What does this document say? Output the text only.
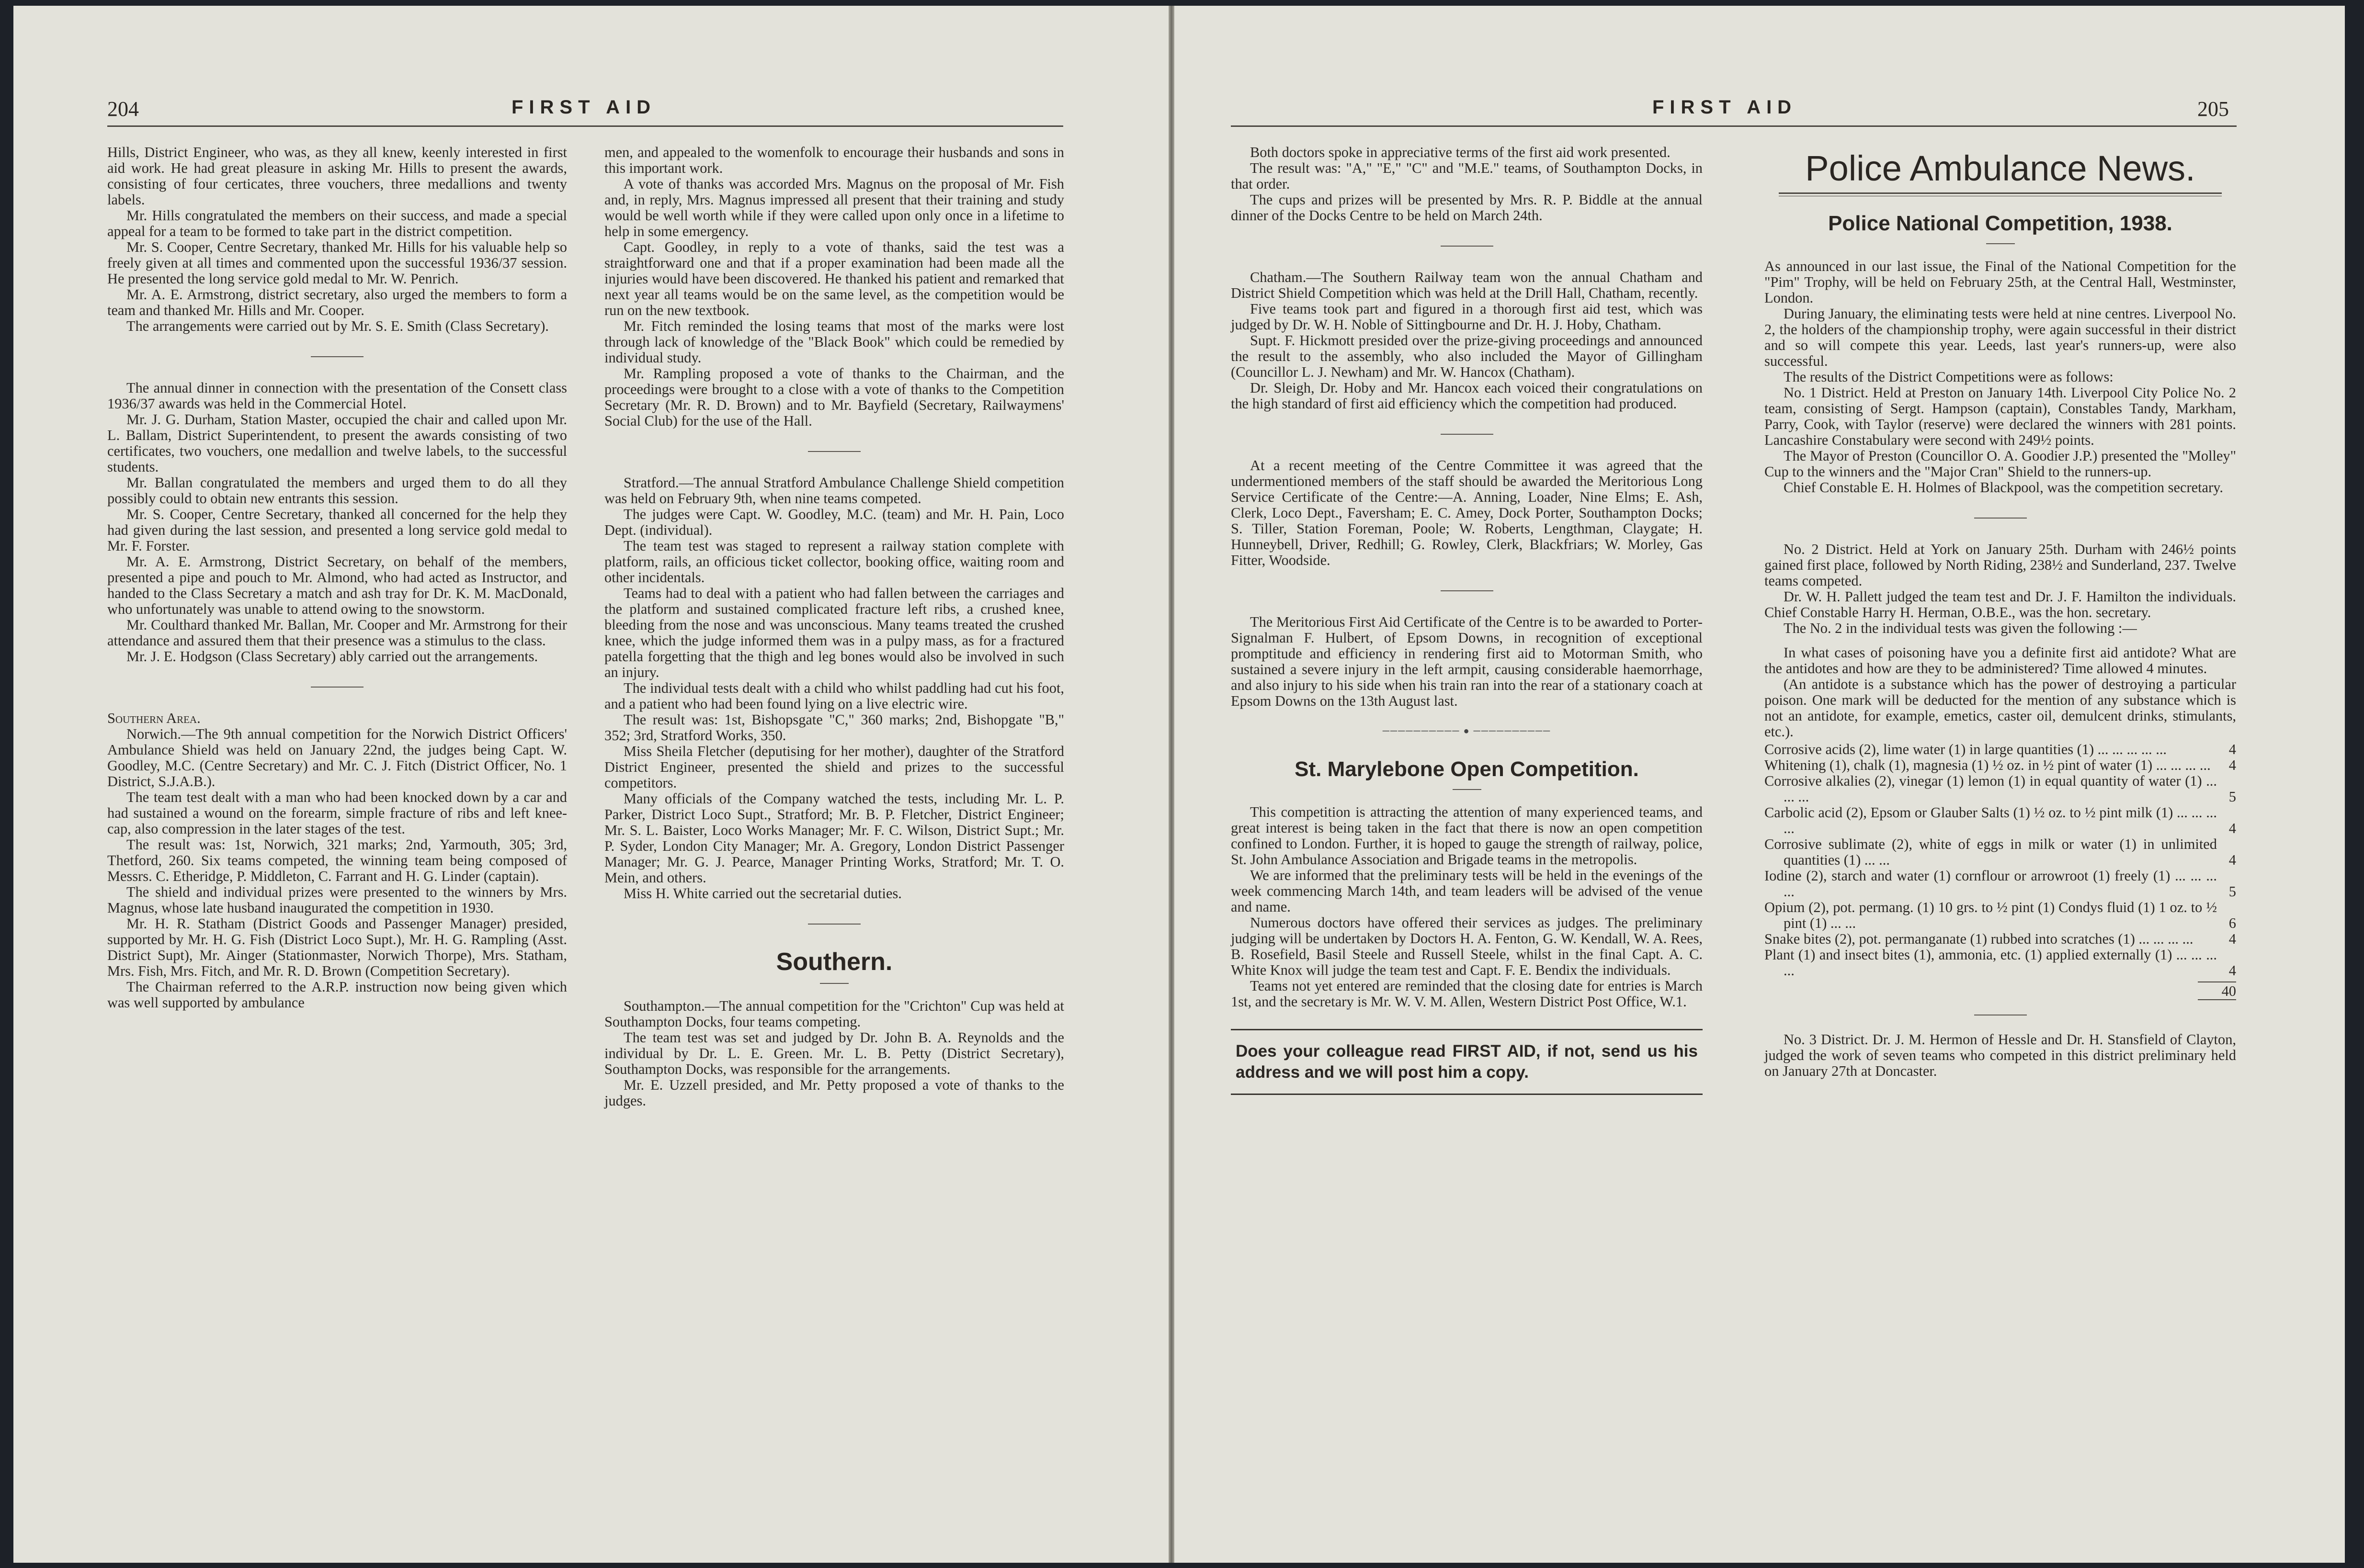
204	FIRST AID

Hills, District Engineer, who was, as they all knew, keenly interested in first aid work. He had great pleasure in asking Mr. Hills to present the awards, consisting of four certicates, three vouchers, three medallions and twenty labels.

Mr. Hills congratulated the members on their success, and made a special appeal for a team to be formed to take part in the district competition.

Mr. S. Cooper, Centre Secretary, thanked Mr. Hills for his valuable help so freely given at all times and commented upon the successful 1936/37 session. He presented the long service gold medal to Mr. W. Penrich.

Mr. A. E. Armstrong, district secretary, also urged the members to form a team and thanked Mr. Hills and Mr. Cooper.

The arrangements were carried out by Mr. S. E. Smith (Class Secretary).

The annual dinner in connection with the presentation of the Consett class 1936/37 awards was held in the Commercial Hotel.

Mr. J. G. Durham, Station Master, occupied the chair and called upon Mr. L. Ballam, District Superintendent, to present the awards consisting of two certificates, two vouchers, one medallion and twelve labels, to the successful students.

Mr. Ballan congratulated the members and urged them to do all they possibly could to obtain new entrants this session.

Mr. S. Cooper, Centre Secretary, thanked all concerned for the help they had given during the last session, and presented a long service gold medal to Mr. F. Forster.

Mr. A. E. Armstrong, District Secretary, on behalf of the members, presented a pipe and pouch to Mr. Almond, who had acted as Instructor, and handed to the Class Secretary a match and ash tray for Dr. K. M. MacDonald, who unfortunately was unable to attend owing to the snowstorm.

Mr. Coulthard thanked Mr. Ballan, Mr. Cooper and Mr. Armstrong for their attendance and assured them that their presence was a stimulus to the class.

Mr. J. E. Hodgson (Class Secretary) ably carried out the arrangements.

Southern Area.

Norwich.—The 9th annual competition for the Norwich District Officers' Ambulance Shield was held on January 22nd, the judges being Capt. W. Goodley, M.C. (Centre Secretary) and Mr. C. J. Fitch (District Officer, No. 1 District, S.J.A.B.).

The team test dealt with a man who had been knocked down by a car and had sustained a wound on the forearm, simple fracture of ribs and left knee-cap, also compression in the later stages of the test.

The result was: 1st, Norwich, 321 marks; 2nd, Yarmouth, 305; 3rd, Thetford, 260. Six teams competed, the winning team being composed of Messrs. C. Etheridge, P. Middleton, C. Farrant and H. G. Linder (captain).

The shield and individual prizes were presented to the winners by Mrs. Magnus, whose late husband inaugurated the competition in 1930.

Mr. H. R. Statham (District Goods and Passenger Manager) presided, supported by Mr. H. G. Fish (District Loco Supt.), Mr. H. G. Rampling (Asst. District Supt), Mr. Ainger (Stationmaster, Norwich Thorpe), Mrs. Statham, Mrs. Fish, Mrs. Fitch, and Mr. R. D. Brown (Competition Secretary).

The Chairman referred to the A.R.P. instruction now being given which was well supported by ambulance

men, and appealed to the womenfolk to encourage their husbands and sons in this important work.

A vote of thanks was accorded Mrs. Magnus on the proposal of Mr. Fish and, in reply, Mrs. Magnus impressed all present that their training and study would be well worth while if they were called upon only once in a lifetime to help in some emergency.

Capt. Goodley, in reply to a vote of thanks, said the test was a straightforward one and that if a proper examination had been made all the injuries would have been discovered. He thanked his patient and remarked that next year all teams would be on the same level, as the competition would be run on the new textbook.

Mr. Fitch reminded the losing teams that most of the marks were lost through lack of knowledge of the "Black Book" which could be remedied by individual study.

Mr. Rampling proposed a vote of thanks to the Chairman, and the proceedings were brought to a close with a vote of thanks to the Competition Secretary (Mr. R. D. Brown) and to Mr. Bayfield (Secretary, Railwaymens' Social Club) for the use of the Hall.

Stratford.—The annual Stratford Ambulance Challenge Shield competition was held on February 9th, when nine teams competed.

The judges were Capt. W. Goodley, M.C. (team) and Mr. H. Pain, Loco Dept. (individual).

The team test was staged to represent a railway station complete with platform, rails, an officious ticket collector, booking office, waiting room and other incidentals.

Teams had to deal with a patient who had fallen between the carriages and the platform and sustained complicated fracture left ribs, a crushed knee, bleeding from the nose and was unconscious. Many teams treated the crushed knee, which the judge informed them was in a pulpy mass, as for a fractured patella forgetting that the thigh and leg bones would also be involved in such an injury.

The individual tests dealt with a child who whilst paddling had cut his foot, and a patient who had been found lying on a live electric wire.

The result was: 1st, Bishopsgate "C," 360 marks; 2nd, Bishopgate "B," 352; 3rd, Stratford Works, 350.

Miss Sheila Fletcher (deputising for her mother), daughter of the Stratford District Engineer, presented the shield and prizes to the successful competitors.

Many officials of the Company watched the tests, including Mr. L. P. Parker, District Loco Supt., Stratford; Mr. B. P. Fletcher, District Engineer; Mr. S. L. Baister, Loco Works Manager; Mr. F. C. Wilson, District Supt.; Mr. P. Syder, London City Manager; Mr. A. Gregory, London District Passenger Manager; Mr. G. J. Pearce, Manager Printing Works, Stratford; Mr. T. O. Mein, and others.

Miss H. White carried out the secretarial duties.

Southern.

Southampton.—The annual competition for the "Crichton" Cup was held at Southampton Docks, four teams competing.

The team test was set and judged by Dr. John B. A. Reynolds and the individual by Dr. L. E. Green. Mr. L. B. Petty (District Secretary), Southampton Docks, was responsible for the arrangements.

Mr. E. Uzzell presided, and Mr. Petty proposed a vote of thanks to the judges.

FIRST AID	205

Both doctors spoke in appreciative terms of the first aid work presented.

The result was: "A," "E," "C" and "M.E." teams, of Southampton Docks, in that order.

The cups and prizes will be presented by Mrs. R. P. Biddle at the annual dinner of the Docks Centre to be held on March 24th.

Chatham.—The Southern Railway team won the annual Chatham and District Shield Competition which was held at the Drill Hall, Chatham, recently.

Five teams took part and figured in a thorough first aid test, which was judged by Dr. W. H. Noble of Sittingbourne and Dr. H. J. Hoby, Chatham.

Supt. F. Hickmott presided over the prize-giving proceedings and announced the result to the assembly, who also included the Mayor of Gillingham (Councillor L. J. Newham) and Mr. W. Hancox (Chatham).

Dr. Sleigh, Dr. Hoby and Mr. Hancox each voiced their congratulations on the high standard of first aid efficiency which the competition had produced.

At a recent meeting of the Centre Committee it was agreed that the undermentioned members of the staff should be awarded the Meritorious Long Service Certificate of the Centre:—A. Anning, Loader, Nine Elms; E. Ash, Clerk, Loco Dept., Faversham; E. C. Amey, Dock Porter, Southampton Docks; S. Tiller, Station Foreman, Poole; W. Roberts, Lengthman, Claygate; H. Hunneybell, Driver, Redhill; G. Rowley, Clerk, Blackfriars; W. Morley, Gas Fitter, Woodside.

The Meritorious First Aid Certificate of the Centre is to be awarded to Porter-Signalman F. Hulbert, of Epsom Downs, in recognition of exceptional promptitude and efficiency in rendering first aid to Motorman Smith, who sustained a severe injury in the left armpit, causing considerable haemorrhage, and also injury to his side when his train ran into the rear of a stationary coach at Epsom Downs on the 13th August last.

────────── ● ──────────
St. Marylebone Open Competition.

This competition is attracting the attention of many experienced teams, and great interest is being taken in the fact that there is now an open competition confined to London. Further, it is hoped to gauge the strength of railway, police, St. John Ambulance Association and Brigade teams in the metropolis.

We are informed that the preliminary tests will be held in the evenings of the week commencing March 14th, and team leaders will be advised of the venue and name.

Numerous doctors have offered their services as judges. The preliminary judging will be undertaken by Doctors H. A. Fenton, G. W. Kendall, W. A. Rees, B. Rosefield, Basil Steele and Russell Steele, whilst in the final Capt. A. C. White Knox will judge the team test and Capt. F. E. Bendix the individuals.

Teams not yet entered are reminded that the closing date for entries is March 1st, and the secretary is Mr. W. V. M. Allen, Western District Post Office, W.1.

Does your colleague read FIRST AID, if not, send us his address and we will post him a copy.
Police Ambulance News.
Police National Competition, 1938.

As announced in our last issue, the Final of the National Competition for the "Pim" Trophy, will be held on February 25th, at the Central Hall, Westminster, London.

During January, the eliminating tests were held at nine centres. Liverpool No. 2, the holders of the championship trophy, were again successful in their district and so will compete this year. Leeds, last year's runners-up, were also successful.

The results of the District Competitions were as follows:

No. 1 District. Held at Preston on January 14th. Liverpool City Police No. 2 team, consisting of Sergt. Hampson (captain), Constables Tandy, Markham, Parry, Cook, with Taylor (reserve) were declared the winners with 281 points. Lancashire Constabulary were second with 249½ points.

The Mayor of Preston (Councillor O. A. Goodier J.P.) presented the "Molley" Cup to the winners and the "Major Cran" Shield to the runners-up.

Chief Constable E. H. Holmes of Blackpool, was the competition secretary.

No. 2 District. Held at York on January 25th. Durham with 246½ points gained first place, followed by North Riding, 238½ and Sunderland, 237. Twelve teams competed.

Dr. W. H. Pallett judged the team test and Dr. J. F. Hamilton the individuals. Chief Constable Harry H. Herman, O.B.E., was the hon. secretary.

The No. 2 in the individual tests was given the following :—

In what cases of poisoning have you a definite first aid antidote? What are the antidotes and how are they to be administered? Time allowed 4 minutes.

(An antidote is a substance which has the power of destroying a particular poison. One mark will be deducted for the mention of any substance which is not an antidote, for example, emetics, caster oil, demulcent drinks, stimulants, etc.).

Corrosive acids (2), lime water (1) in large quantities (1) ... ... ... ... ...	4
Whitening (1), chalk (1), magnesia (1) ½ oz. in ½ pint of water (1) ... ... ... ...	4
Corrosive alkalies (2), vinegar (1) lemon (1) in equal quantity of water (1) ... ... ...	5
Carbolic acid (2), Epsom or Glauber Salts (1) ½ oz. to ½ pint milk (1) ... ... ... ...	4
Corrosive sublimate (2), white of eggs in milk or water (1) in unlimited quantities (1) ... ...	4
Iodine (2), starch and water (1) cornflour or arrowroot (1) freely (1) ... ... ... ...	5
Opium (2), pot. permang. (1) 10 grs. to ½ pint (1) Condys fluid (1) 1 oz. to ½ pint (1) ... ...	6
Snake bites (2), pot. permanganate (1) rubbed into scratches (1) ... ... ... ...	4
Plant (1) and insect bites (1), ammonia, etc. (1) applied externally (1) ... ... ... ...	4
40

No. 3 District. Dr. J. M. Hermon of Hessle and Dr. H. Stansfield of Clayton, judged the work of seven teams who competed in this district preliminary held on January 27th at Doncaster.
